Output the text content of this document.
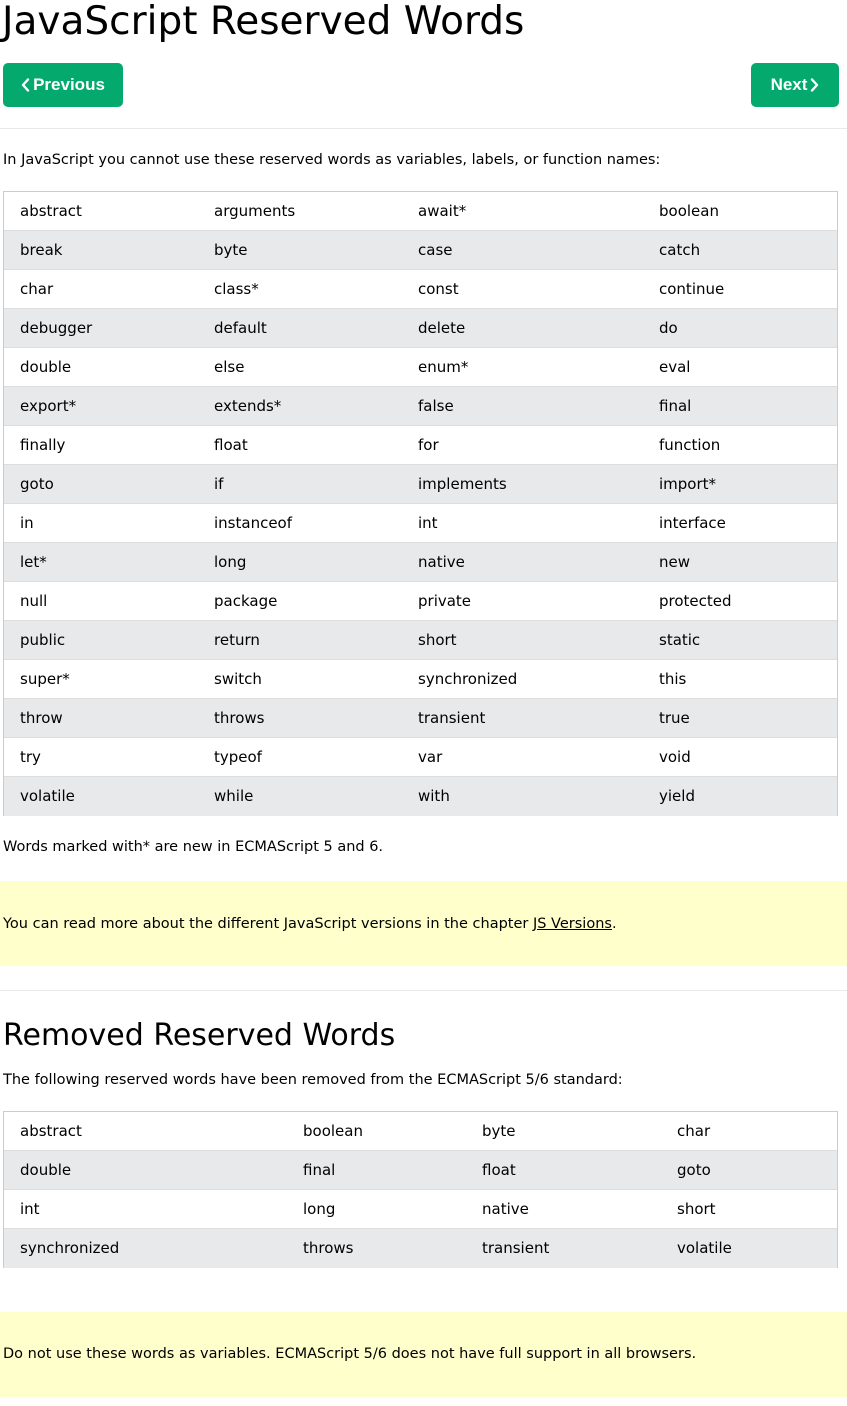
JavaScript Reserved Words
Previous	Next

In JavaScript you cannot use these reserved words as variables, labels, or function names:

abstract	arguments	await*	boolean
break	byte	case	catch
char	class*	const	continue
debugger	default	delete	do
double	else	enum*	eval
export*	extends*	false	final
finally	float	for	function
goto	if	implements	import*
in	instanceof	int	interface
let*	long	native	new
null	package	private	protected
public	return	short	static
super*	switch	synchronized	this
throw	throws	transient	true
try	typeof	var	void
volatile	while	with	yield

Words marked with* are new in ECMAScript 5 and 6.

You can read more about the different JavaScript versions in the chapter JS Versions.

Removed Reserved Words

The following reserved words have been removed from the ECMAScript 5/6 standard:

abstract	boolean	byte	char
double	final	float	goto
int	long	native	short
synchronized	throws	transient	volatile

Do not use these words as variables. ECMAScript 5/6 does not have full support in all browsers.
